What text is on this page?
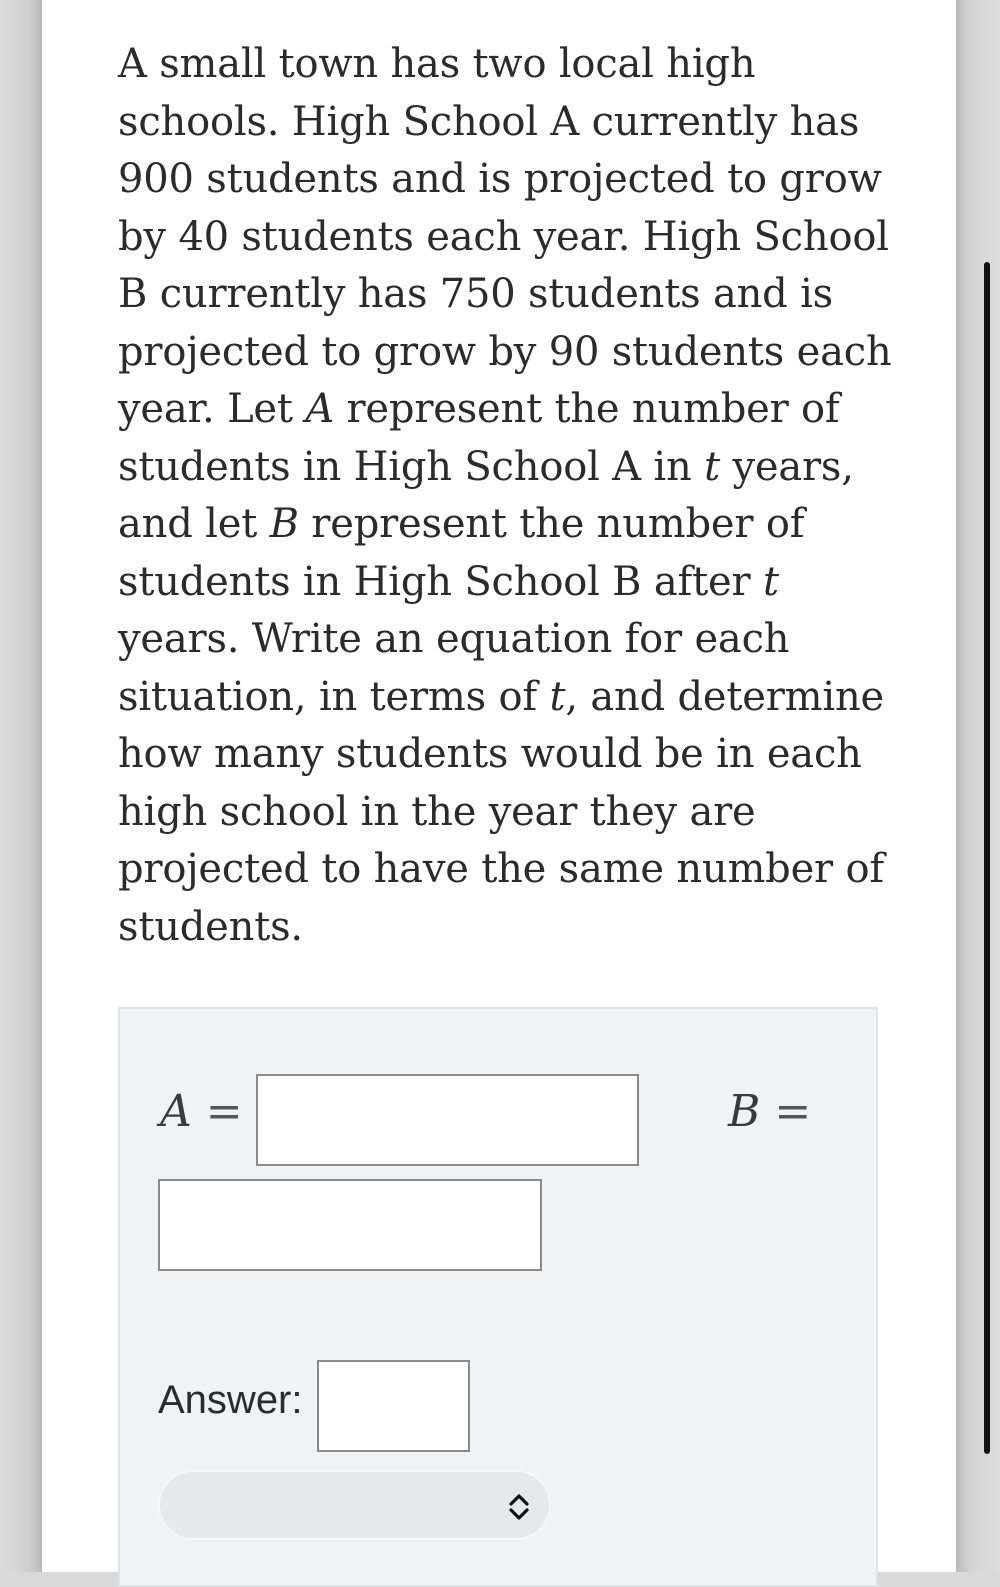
A small town has two local high schools. High School A currently has 900 students and is projected to grow by 40 students each year. High School B currently has 750 students and is projected to grow by 90 students each year. Let A represent the number of students in High School A in t years, and let B represent the number of students in High School B after t years. Write an equation for each situation, in terms of t, and determine how many students would be in each high school in the year they are projected to have the same number of students.

A =	B =
Answer:
